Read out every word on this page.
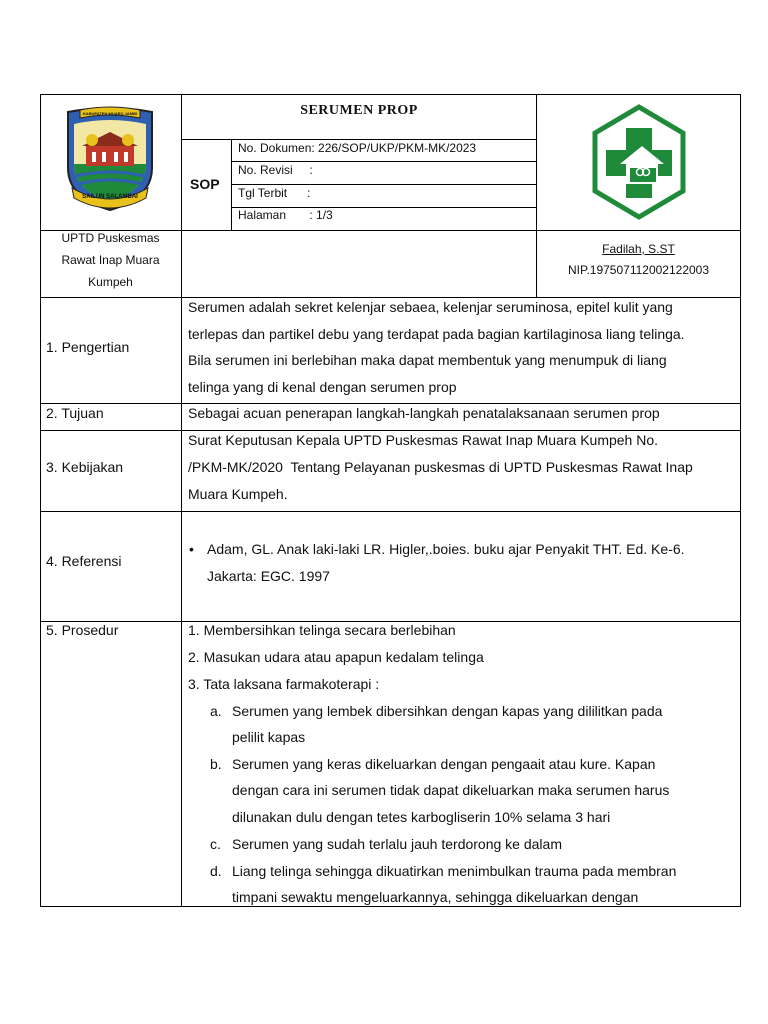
KABUPATEN MUARO JAMBI
SAILUN SALAMBAI
SERUMEN PROP
SOP
No. Dokumen: 226/SOP/UKP/PKM-MK/2023
No. Revisi     :
Tgl Terbit      :
Halaman       : 1/3
UPTD Puskesmas
Rawat Inap Muara
Kumpeh
Fadilah, S.ST
NIP.197507112002122003
1. Pengertian
2. Tujuan
3. Kebijakan
4. Referensi
5. Prosedur
Serumen adalah sekret kelenjar sebaea, kelenjar seruminosa, epitel kulit yang
terlepas dan partikel debu yang terdapat pada bagian kartilaginosa liang telinga.
Bila serumen ini berlebihan maka dapat membentuk yang menumpuk di liang
telinga yang di kenal dengan serumen prop
Sebagai acuan penerapan langkah-langkah penatalaksanaan serumen prop
Surat Keputusan Kepala UPTD Puskesmas Rawat Inap Muara Kumpeh No.
/PKM-MK/2020  Tentang Pelayanan puskesmas di UPTD Puskesmas Rawat Inap
Muara Kumpeh.
• Adam, GL. Anak laki-laki LR. Higler,.boies. buku ajar Penyakit THT. Ed. Ke-6.
Jakarta: EGC. 1997
1. Membersihkan telinga secara berlebihan
2. Masukan udara atau apapun kedalam telinga
3. Tata laksana farmakoterapi :
a. Serumen yang lembek dibersihkan dengan kapas yang dililitkan pada
pelilit kapas
b. Serumen yang keras dikeluarkan dengan pengaait atau kure. Kapan
dengan cara ini serumen tidak dapat dikeluarkan maka serumen harus
dilunakan dulu dengan tetes karbogliserin 10% selama 3 hari
c. Serumen yang sudah terlalu jauh terdorong ke dalam
d. Liang telinga sehingga dikuatirkan menimbulkan trauma pada membran
timpani sewaktu mengeluarkannya, sehingga dikeluarkan dengan
